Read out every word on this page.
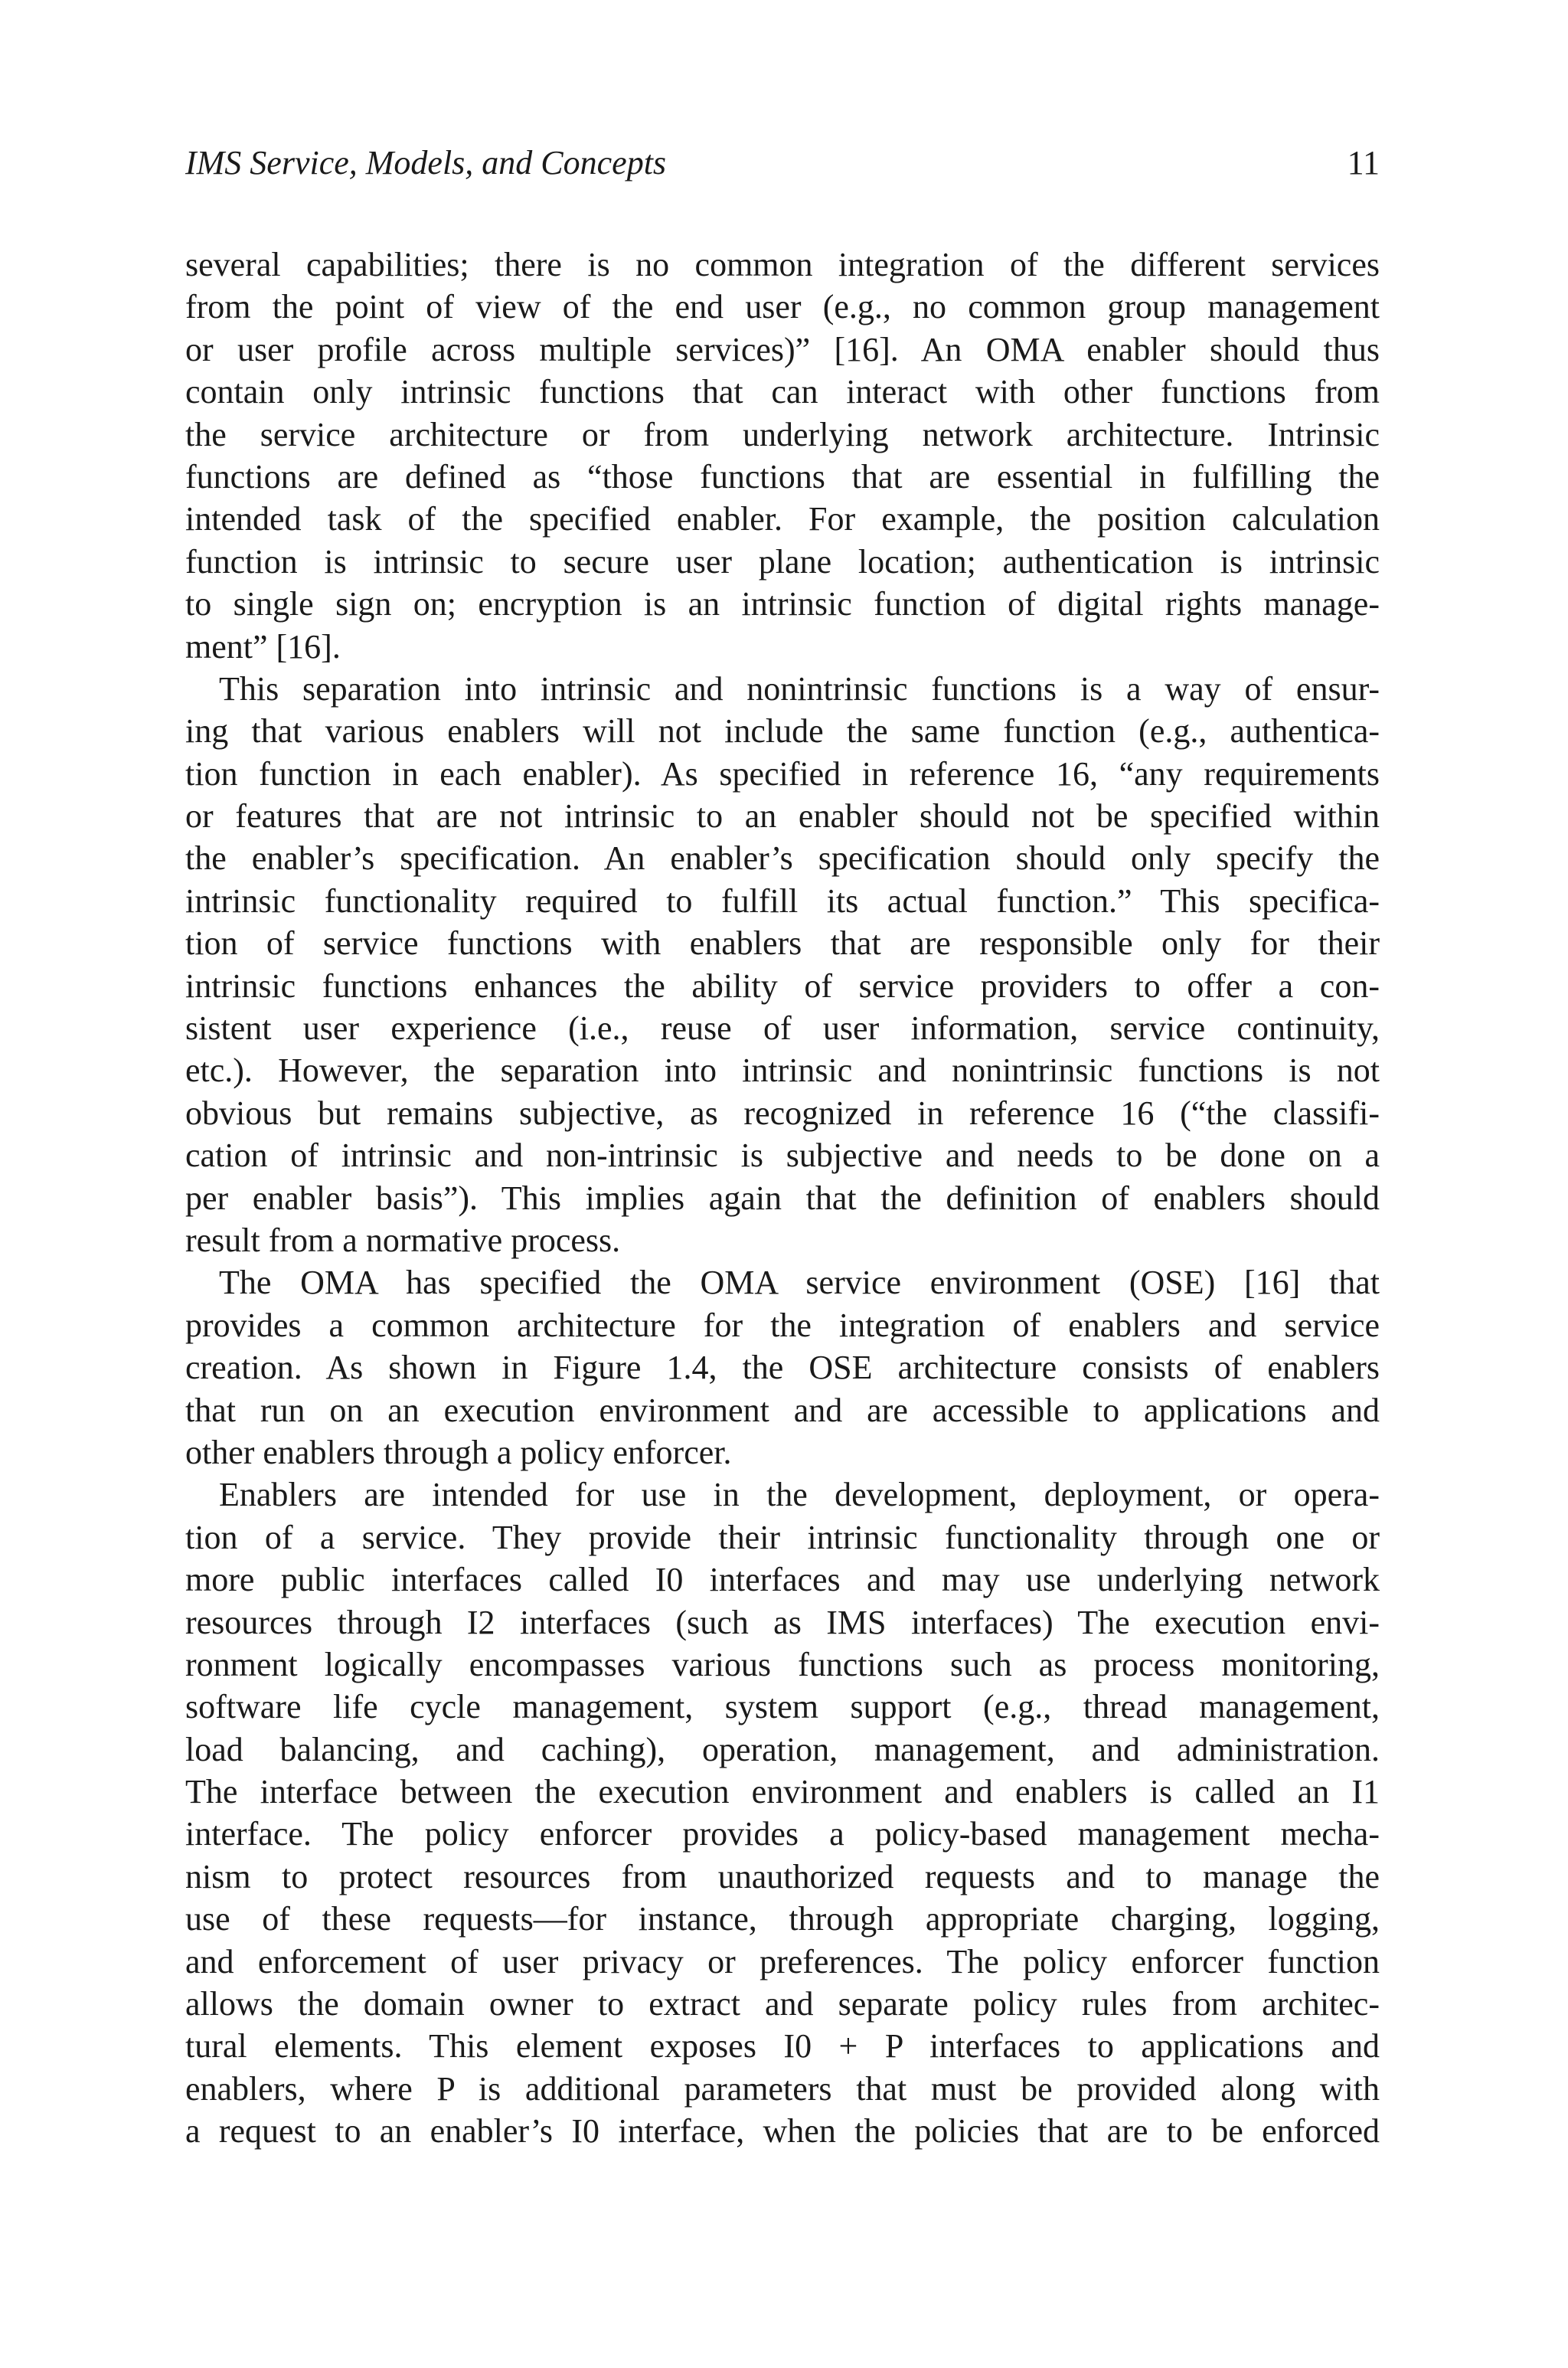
IMS Service, Models, and Concepts	11
several capabilities; there is no common integration of the different services
from the point of view of the end user (e.g., no common group management
or user profile across multiple services)” [16]. An OMA enabler should thus
contain only intrinsic functions that can interact with other functions from
the service architecture or from underlying network architecture. Intrinsic
functions are defined as “those functions that are essential in fulfilling the
intended task of the specified enabler. For example, the position calculation
function is intrinsic to secure user plane location; authentication is intrinsic
to single sign on; encryption is an intrinsic function of digital rights manage-
ment” [16].
This separation into intrinsic and nonintrinsic functions is a way of ensur-
ing that various enablers will not include the same function (e.g., authentica-
tion function in each enabler). As specified in reference 16, “any requirements
or features that are not intrinsic to an enabler should not be specified within
the enabler’s specification. An enabler’s specification should only specify the
intrinsic functionality required to fulfill its actual function.” This specifica-
tion of service functions with enablers that are responsible only for their
intrinsic functions enhances the ability of service providers to offer a con-
sistent user experience (i.e., reuse of user information, service continuity,
etc.). However, the separation into intrinsic and nonintrinsic functions is not
obvious but remains subjective, as recognized in reference 16 (“the classifi-
cation of intrinsic and non-intrinsic is subjective and needs to be done on a
per enabler basis”). This implies again that the definition of enablers should
result from a normative process.
The OMA has specified the OMA service environment (OSE) [16] that
provides a common architecture for the integration of enablers and service
creation. As shown in Figure 1.4, the OSE architecture consists of enablers
that run on an execution environment and are accessible to applications and
other enablers through a policy enforcer.
Enablers are intended for use in the development, deployment, or opera-
tion of a service. They provide their intrinsic functionality through one or
more public interfaces called I0 interfaces and may use underlying network
resources through I2 interfaces (such as IMS interfaces) The execution envi-
ronment logically encompasses various functions such as process monitoring,
software life cycle management, system support (e.g., thread management,
load balancing, and caching), operation, management, and administration.
The interface between the execution environment and enablers is called an I1
interface. The policy enforcer provides a policy-based management mecha-
nism to protect resources from unauthorized requests and to manage the
use of these requests—for instance, through appropriate charging, logging,
and enforcement of user privacy or preferences. The policy enforcer function
allows the domain owner to extract and separate policy rules from architec-
tural elements. This element exposes I0 + P interfaces to applications and
enablers, where P is additional parameters that must be provided along with
a request to an enabler’s I0 interface, when the policies that are to be enforced
